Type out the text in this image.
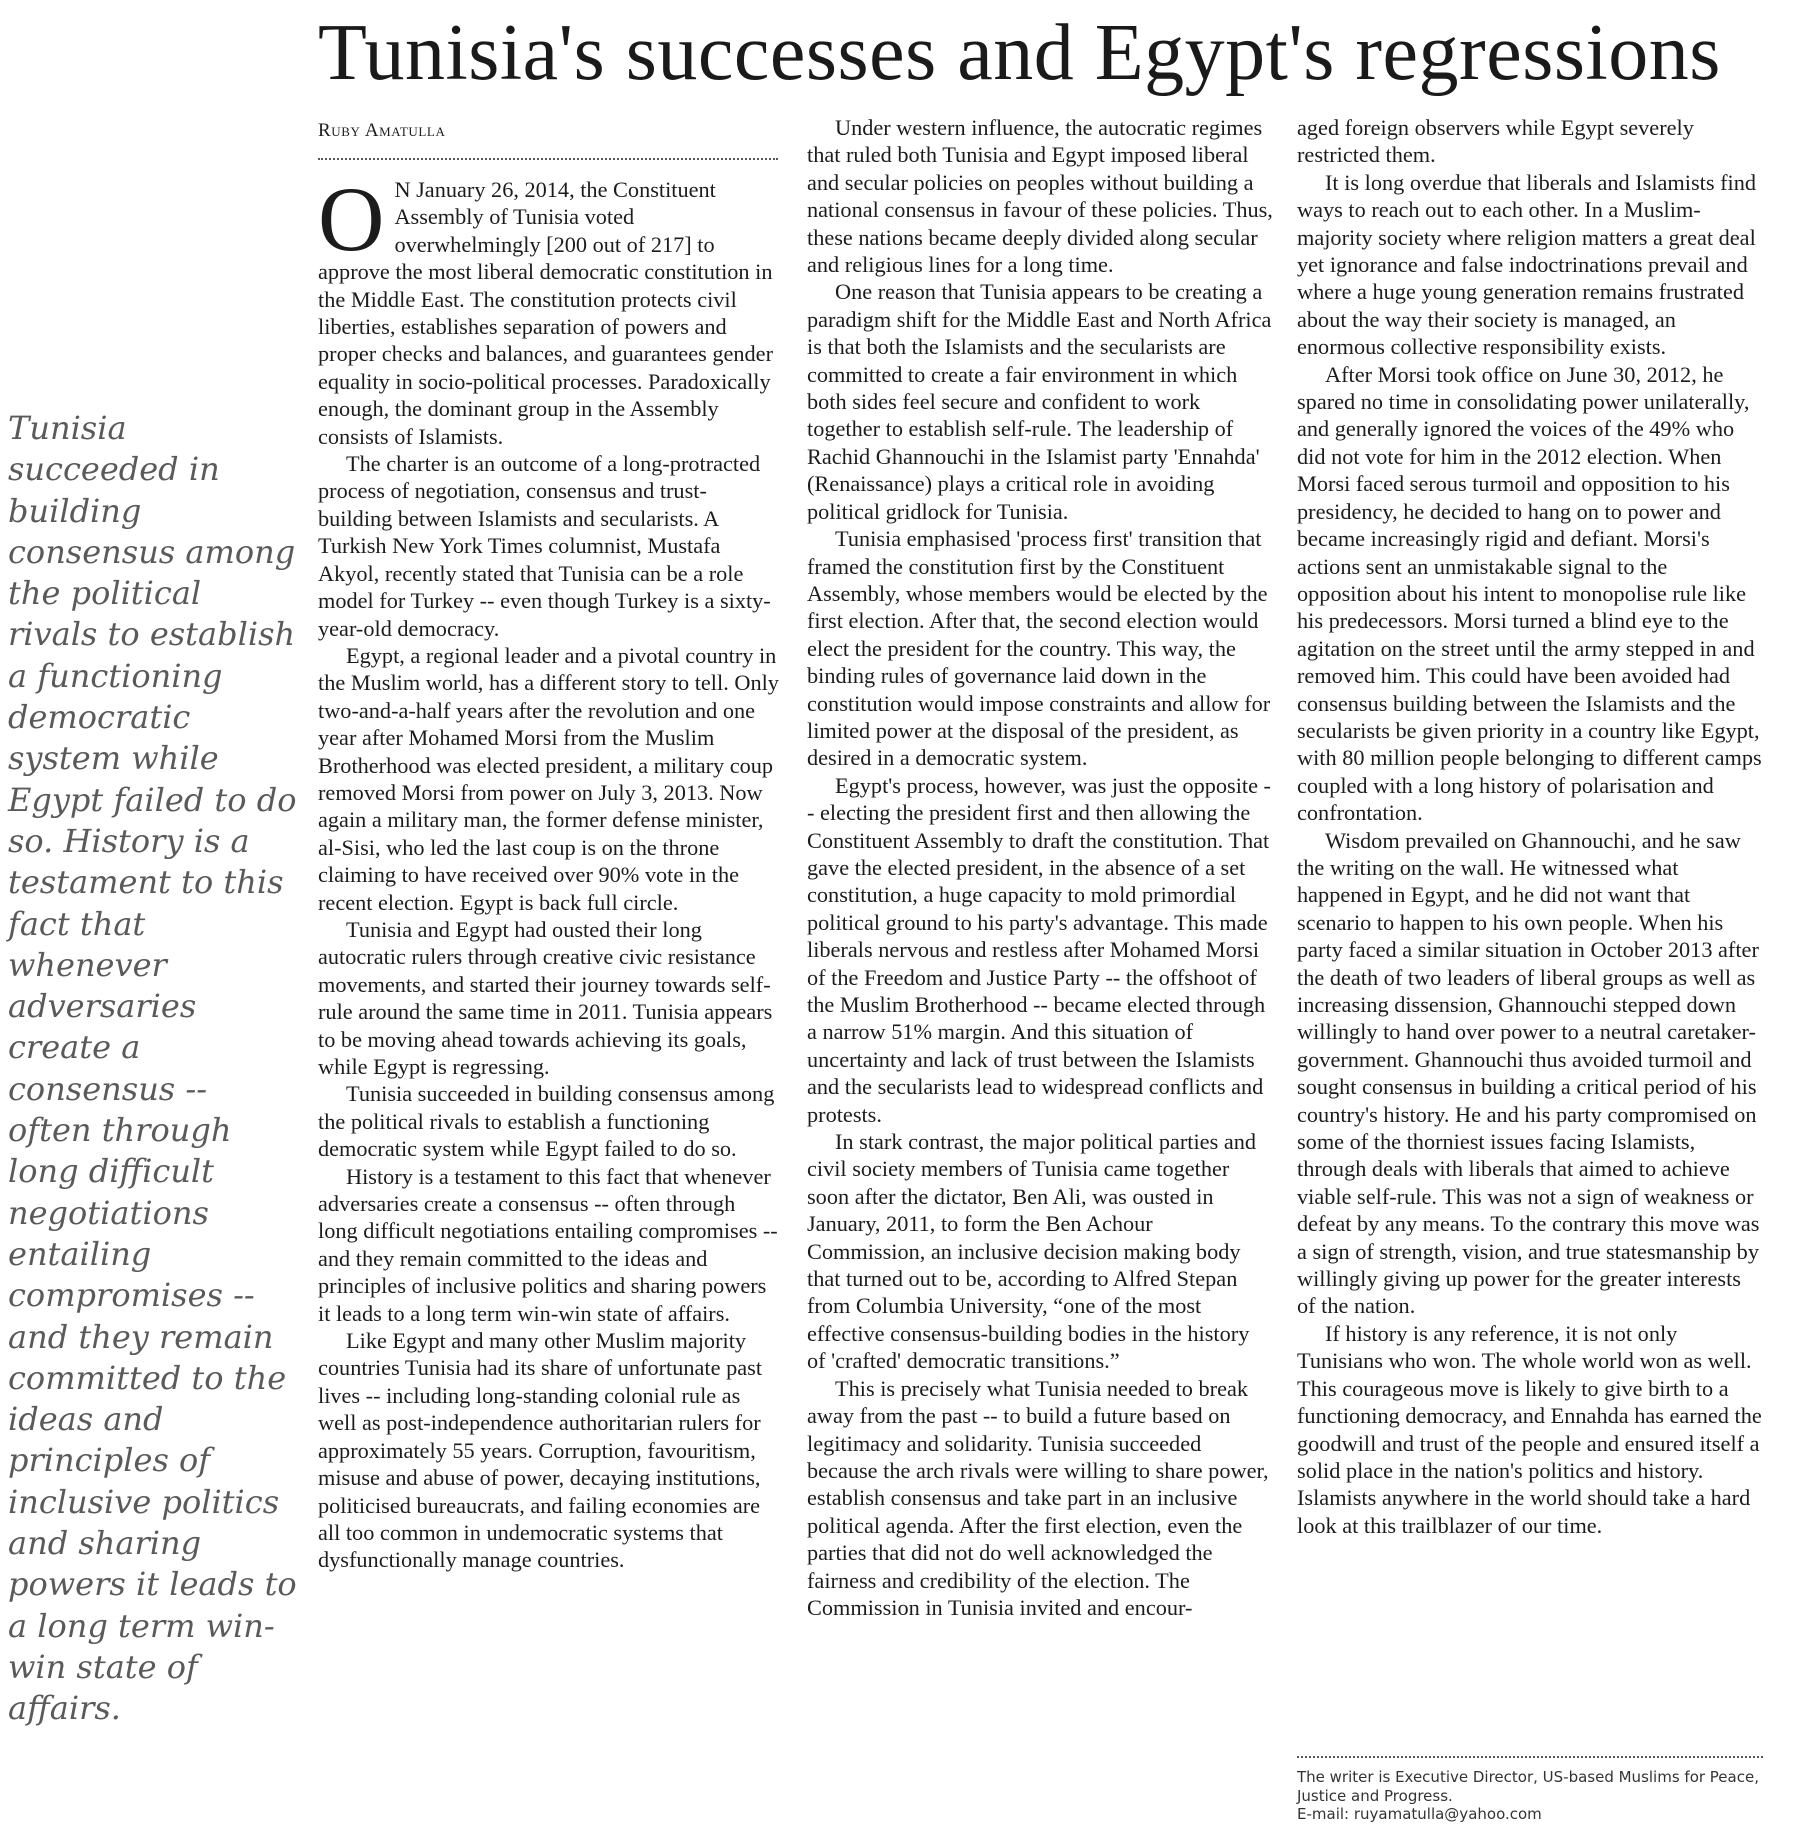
Tunisia's successes and Egypt's regressions
Ruby Amatulla

Tunisia succeeded in building consensus among the political rivals to establish a functioning democratic system while Egypt failed to do so. History is a testament to this fact that whenever adversaries create a consensus -- often through long difficult negotiations entailing compromises -- and they remain committed to the ideas and principles of inclusive politics and sharing powers it leads to a long term win-win state of affairs.

O N January 26, 2014, the Constituent Assembly of Tunisia voted overwhelmingly [200 out of 217] to approve the most liberal democratic constitution in the Middle East. The constitution protects civil liberties, establishes separation of powers and proper checks and balances, and guarantees gender equality in socio-political processes. Paradoxically enough, the dominant group in the Assembly consists of Islamists.

The charter is an outcome of a long-protracted process of negotiation, consensus and trust-building between Islamists and secularists. A Turkish New York Times columnist, Mustafa Akyol, recently stated that Tunisia can be a role model for Turkey -- even though Turkey is a sixty-year-old democracy.

Egypt, a regional leader and a pivotal country in the Muslim world, has a different story to tell. Only two-and-a-half years after the revolution and one year after Mohamed Morsi from the Muslim Brotherhood was elected president, a military coup removed Morsi from power on July 3, 2013. Now again a military man, the former defense minister, al-Sisi, who led the last coup is on the throne claiming to have received over 90% vote in the recent election. Egypt is back full circle.

Tunisia and Egypt had ousted their long autocratic rulers through creative civic resistance movements, and started their journey towards self-rule around the same time in 2011. Tunisia appears to be moving ahead towards achieving its goals, while Egypt is regressing.

Tunisia succeeded in building consensus among the political rivals to establish a functioning democratic system while Egypt failed to do so.

History is a testament to this fact that whenever adversaries create a consensus -- often through long difficult negotiations entailing compromises -- and they remain committed to the ideas and principles of inclusive politics and sharing powers it leads to a long term win-win state of affairs.

Like Egypt and many other Muslim majority countries Tunisia had its share of unfortunate past lives -- including long-standing colonial rule as well as post-independence authoritarian rulers for approximately 55 years. Corruption, favouritism, misuse and abuse of power, decaying institutions, politicised bureaucrats, and failing economies are all too common in undemocratic systems that dysfunctionally manage countries.

Under western influence, the autocratic regimes that ruled both Tunisia and Egypt imposed liberal and secular policies on peoples without building a national consensus in favour of these policies. Thus, these nations became deeply divided along secular and religious lines for a long time.

One reason that Tunisia appears to be creating a paradigm shift for the Middle East and North Africa is that both the Islamists and the secularists are committed to create a fair environment in which both sides feel secure and confident to work together to establish self-rule. The leadership of Rachid Ghannouchi in the Islamist party 'Ennahda' (Renaissance) plays a critical role in avoiding political gridlock for Tunisia.

Tunisia emphasised 'process first' transition that framed the constitution first by the Constituent Assembly, whose members would be elected by the first election. After that, the second election would elect the president for the country. This way, the binding rules of governance laid down in the constitution would impose constraints and allow for limited power at the disposal of the president, as desired in a democratic system.

Egypt's process, however, was just the opposite -- electing the president first and then allowing the Constituent Assembly to draft the constitution. That gave the elected president, in the absence of a set constitution, a huge capacity to mold primordial political ground to his party's advantage. This made liberals nervous and restless after Mohamed Morsi of the Freedom and Justice Party -- the offshoot of the Muslim Brotherhood -- became elected through a narrow 51% margin. And this situation of uncertainty and lack of trust between the Islamists and the secularists lead to widespread conflicts and protests.

In stark contrast, the major political parties and civil society members of Tunisia came together soon after the dictator, Ben Ali, was ousted in January, 2011, to form the Ben Achour Commission, an inclusive decision making body that turned out to be, according to Alfred Stepan from Columbia University, “one of the most effective consensus-building bodies in the history of 'crafted' democratic transitions.”

This is precisely what Tunisia needed to break away from the past -- to build a future based on legitimacy and solidarity. Tunisia succeeded because the arch rivals were willing to share power, establish consensus and take part in an inclusive political agenda. After the first election, even the parties that did not do well acknowledged the fairness and credibility of the election. The Commission in Tunisia invited and encour-

aged foreign observers while Egypt severely restricted them.

It is long overdue that liberals and Islamists find ways to reach out to each other. In a Muslim-majority society where religion matters a great deal yet ignorance and false indoctrinations prevail and where a huge young generation remains frustrated about the way their society is managed, an enormous collective responsibility exists.

After Morsi took office on June 30, 2012, he spared no time in consolidating power unilaterally, and generally ignored the voices of the 49% who did not vote for him in the 2012 election. When Morsi faced serous turmoil and opposition to his presidency, he decided to hang on to power and became increasingly rigid and defiant. Morsi's actions sent an unmistakable signal to the opposition about his intent to monopolise rule like his predecessors. Morsi turned a blind eye to the agitation on the street until the army stepped in and removed him. This could have been avoided had consensus building between the Islamists and the secularists be given priority in a country like Egypt, with 80 million people belonging to different camps coupled with a long history of polarisation and confrontation.

Wisdom prevailed on Ghannouchi, and he saw the writing on the wall. He witnessed what happened in Egypt, and he did not want that scenario to happen to his own people. When his party faced a similar situation in October 2013 after the death of two leaders of liberal groups as well as increasing dissension, Ghannouchi stepped down willingly to hand over power to a neutral caretaker-government. Ghannouchi thus avoided turmoil and sought consensus in building a critical period of his country's history. He and his party compromised on some of the thorniest issues facing Islamists, through deals with liberals that aimed to achieve viable self-rule. This was not a sign of weakness or defeat by any means. To the contrary this move was a sign of strength, vision, and true statesmanship by willingly giving up power for the greater interests of the nation.

If history is any reference, it is not only Tunisians who won. The whole world won as well. This courageous move is likely to give birth to a functioning democracy, and Ennahda has earned the goodwill and trust of the people and ensured itself a solid place in the nation's politics and history. Islamists anywhere in the world should take a hard look at this trailblazer of our time.

The writer is Executive Director, US-based Muslims for Peace, Justice and Progress.
E-mail: ruyamatulla@yahoo.com
